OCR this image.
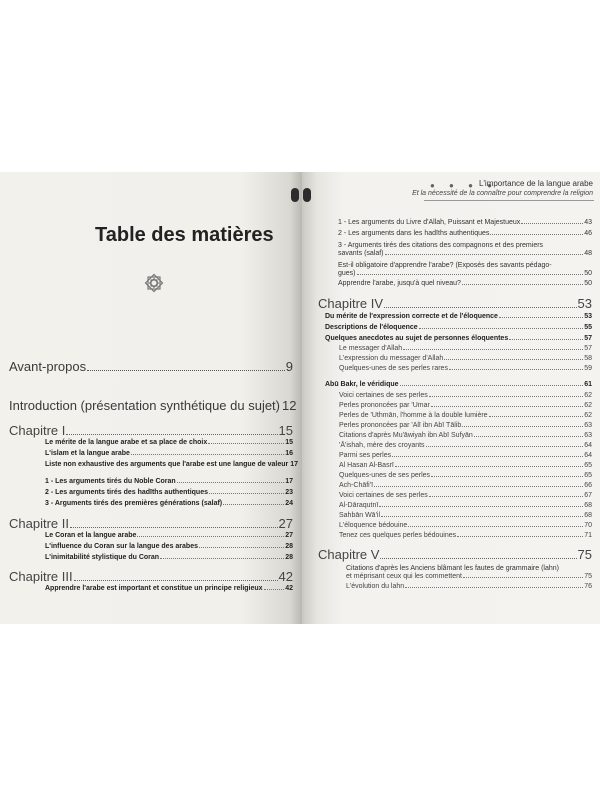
Table des matières
Avant-propos	9
Introduction (présentation synthétique du sujet) 12
Chapitre I	15
Le mérite de la langue arabe et sa place de choix	15
L'islam et la langue arabe	16
Liste non exhaustive des arguments que l'arabe est une langue de valeur 17
1 - Les arguments tirés du Noble Coran	17
2 - Les arguments tirés des hadīths authentiques	23
3 - Arguments tirés des premières générations (salaf)	24
Chapitre II	27
Le Coran et la langue arabe	27
L'influence du Coran sur la langue des arabes	28
L'inimitabilité stylistique du Coran	28
Chapitre III	42
Apprendre l'arabe est important et constitue un principe religieux	42
● ● ● ●
L'importance de la langue arabe
Et la nécessité de la connaître pour comprendre la religion
1 - Les arguments du Livre d'Allah, Puissant et Majestueux	43
2 - Les arguments dans les hadīths authentiques	46
3 - Arguments tirés des citations des compagnons et des premiers
savants (salaf)	48
Est-il obligatoire d'apprendre l'arabe? (Exposés des savants pédago-
gues)	50
Apprendre l'arabe, jusqu'à quel niveau?	50
Chapitre IV	53
Du mérite de l'expression correcte et de l'éloquence	53
Descriptions de l'éloquence	55
Quelques anecdotes au sujet de personnes éloquentes	57
Le messager d'Allah	57
L'expression du messager d'Allah	58
Quelques-unes de ses perles rares	59
Abū Bakr, le véridique	61
Voici certaines de ses perles	62
Perles prononcées par 'Umar	62
Perles de 'Uthmān, l'homme à la double lumière	62
Perles prononcées par 'Alī ibn Abī Tālib	63
Citations d'après Mu'āwiyah ibn Abī Sufyān	63
'Ā'ishah, mère des croyants	64
Parmi ses perles	64
Al Hasan Al-Basrī	65
Quelques-unes de ses perles	65
Ach-Chāfi'ī	66
Voici certaines de ses perles	67
Al-Dāraqutnī	68
Sahbān Wā'il	68
L'éloquence bédouine	70
Tenez ces quelques perles bédouines	71
Chapitre V	75
Citations d'après les Anciens blâmant les fautes de grammaire (lahn)
et méprisant ceux qui les commettent	75
L'évolution du lahn	76
